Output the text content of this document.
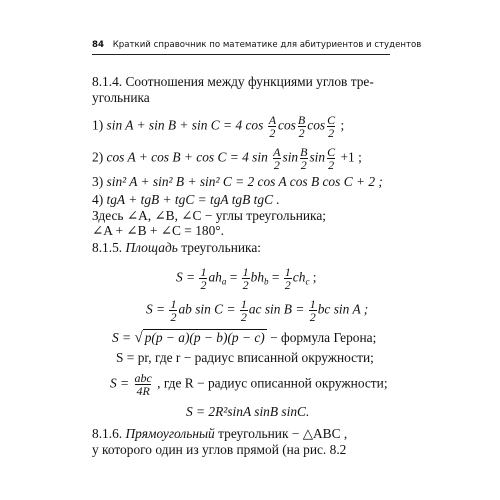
84 Краткий справочник по математике для абитуриентов и студентов
8.1.4. Соотношения между функциями углов тре-
угольника
1) sin A + sin B + sin C = 4 $\cos \frac{A}{2}$ $\cos \frac{B}{2}$ $\cos \frac{C}{2}$ ;
2) cos A + cos B + cos C = 4 $\sin \frac{A}{2}$ $\sin \frac{B}{2}$ $\sin \frac{C}{2} +1$ ;
3) sin² A + sin² B + sin² C = 2 cos A cos B cos C + 2 ;
4) tgA + tgB + tgC = tgA tgB tgC .
Здесь ∠A, ∠B, ∠C − углы треугольника;
∠A + ∠B + ∠C = 180°.
8.1.5. Площадь треугольника:
$S = \frac{1}{2} ah_a = \frac{1}{2} bh_b = \frac{1}{2} ch_c$ ;
$S = \frac{1}{2}$ ab $\sin C = \frac{1}{2}$ ac $\sin B = \frac{1}{2}$ bc sin A ;
S = √ p(p − a)(p − b)(p − c) − формула Герона;
S = pr, где r − радиус вписанной окружности;
$S = \frac{\text{abc}}{4R}$ , где R − радиус описанной окружности;
S = 2R²sinA sinB sinC.
8.1.6. Прямоугольный треугольник − △ABC ,
у которого один из углов прямой (на рис. 8.2
